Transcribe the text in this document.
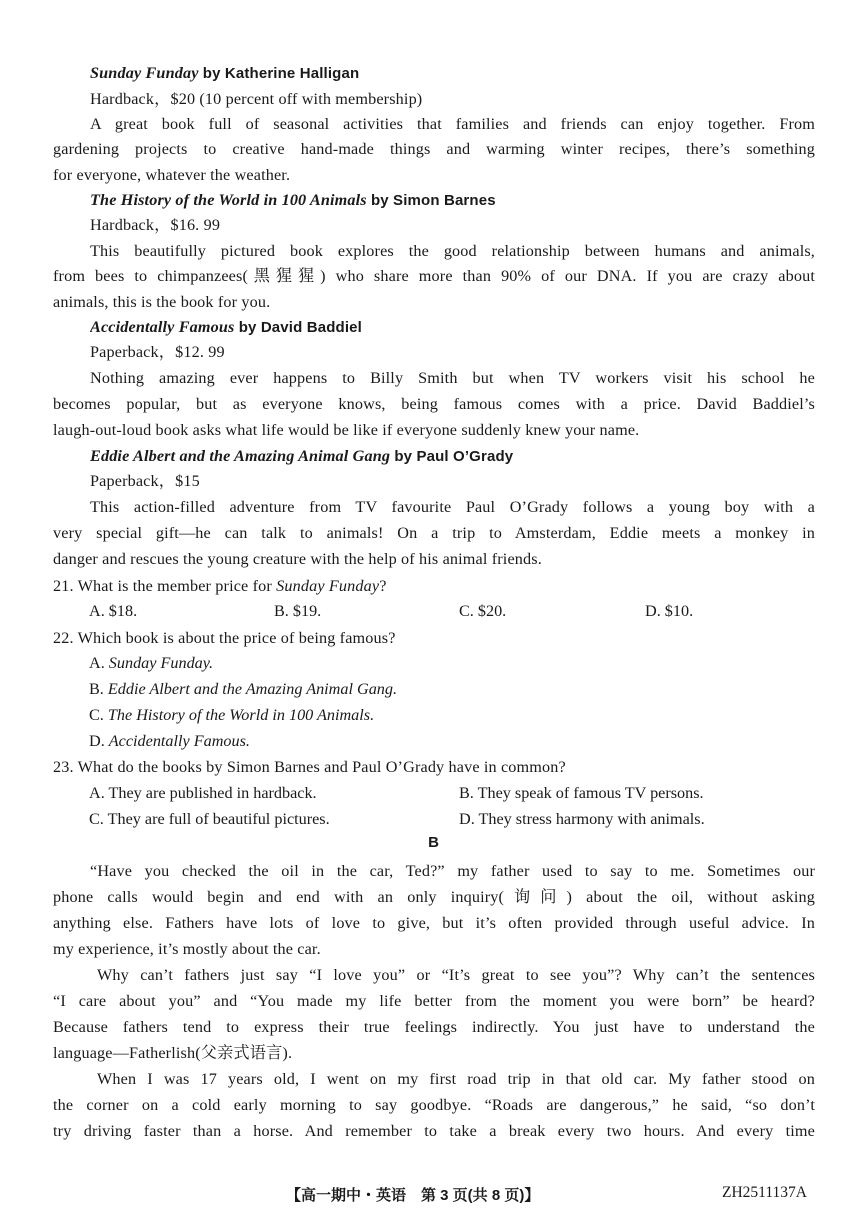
Sunday Funday by Katherine Halligan
Hardback，$20 (10 percent off with membership)
A great book full of seasonal activities that families and friends can enjoy together. From
gardening projects to creative hand-made things and warming winter recipes, there’s something
for everyone, whatever the weather.
The History of the World in 100 Animals by Simon Barnes
Hardback，$16. 99
This beautifully pictured book explores the good relationship between humans and animals,
from bees to chimpanzees(黑猩猩) who share more than 90% of our DNA. If you are crazy about
animals, this is the book for you.
Accidentally Famous by David Baddiel
Paperback，$12. 99
Nothing amazing ever happens to Billy Smith but when TV workers visit his school he
becomes popular, but as everyone knows, being famous comes with a price. David Baddiel’s
laugh-out-loud book asks what life would be like if everyone suddenly knew your name.
Eddie Albert and the Amazing Animal Gang by Paul O’Grady
Paperback，$15
This action-filled adventure from TV favourite Paul O’Grady follows a young boy with a
very special gift—he can talk to animals! On a trip to Amsterdam, Eddie meets a monkey in
danger and rescues the young creature with the help of his animal friends.
21. What is the member price for Sunday Funday?
A. $18.	B. $19.	C. $20.	D. $10.
22. Which book is about the price of being famous?
A. Sunday Funday.
B. Eddie Albert and the Amazing Animal Gang.
C. The History of the World in 100 Animals.
D. Accidentally Famous.
23. What do the books by Simon Barnes and Paul O’Grady have in common?
A. They are published in hardback.	B. They speak of famous TV persons.
C. They are full of beautiful pictures.	D. They stress harmony with animals.
B
“Have you checked the oil in the car, Ted?” my father used to say to me. Sometimes our
phone calls would begin and end with an only inquiry(询问) about the oil, without asking
anything else. Fathers have lots of love to give, but it’s often provided through useful advice. In
my experience, it’s mostly about the car.
Why can’t fathers just say “I love you” or “It’s great to see you”? Why can’t the sentences
“I care about you” and “You made my life better from the moment you were born” be heard?
Because fathers tend to express their true feelings indirectly. You just have to understand the
language—Fatherlish(父亲式语言).
When I was 17 years old, I went on my first road trip in that old car. My father stood on
the corner on a cold early morning to say goodbye. “Roads are dangerous,” he said, “so don’t
try driving faster than a horse. And remember to take a break every two hours. And every time
【高一期中・英语　第 3 页(共 8 页)】	ZH2511137A
